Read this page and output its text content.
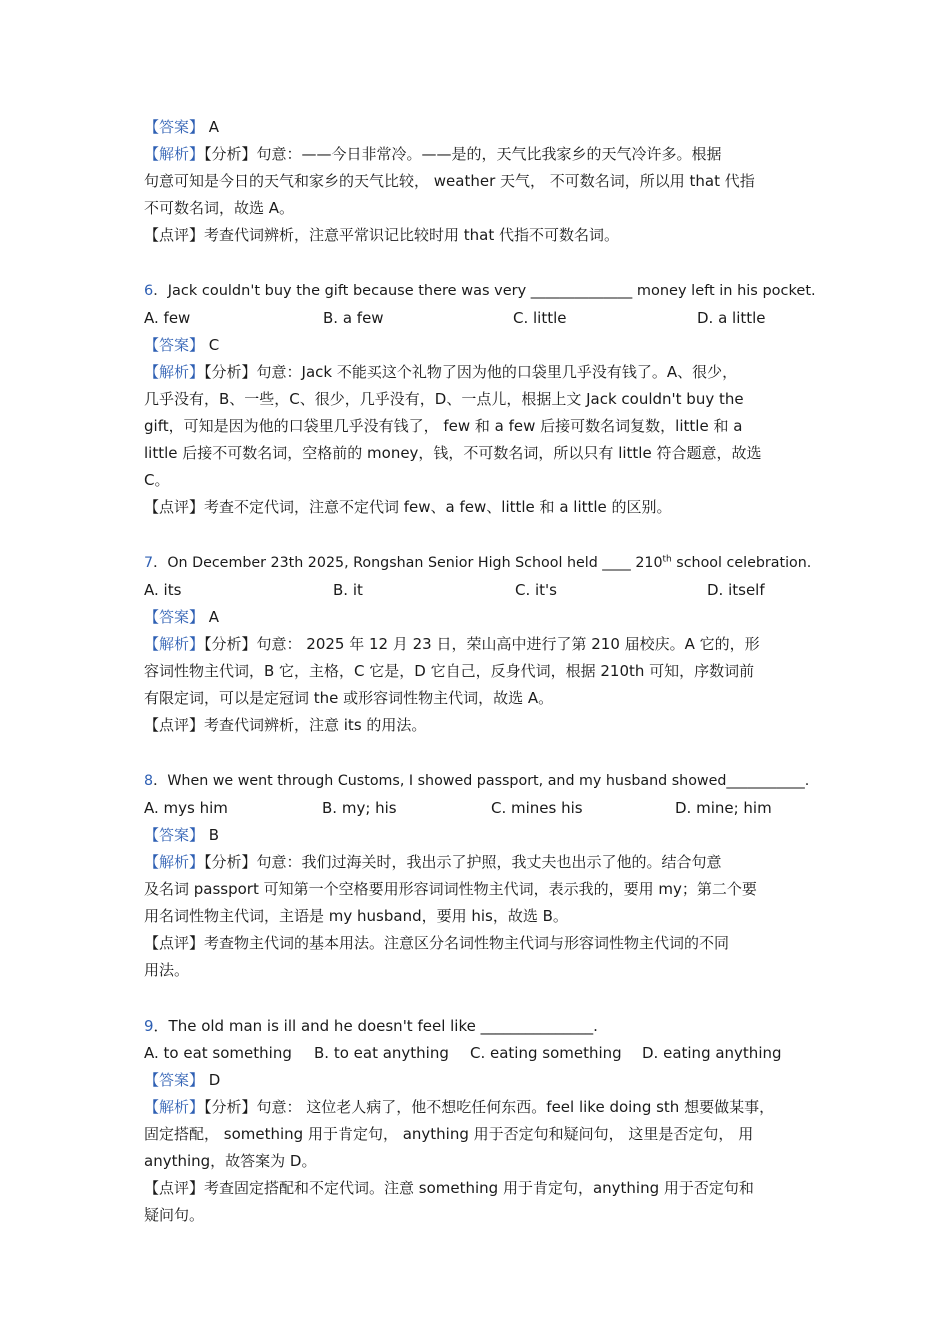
【答案】 A
【解析】【分析】句意：——今日非常冷。——是的，天气比我家乡的天气冷许多。根据
句意可知是今日的天气和家乡的天气比较， weather 天气， 不可数名词，所以用 that 代指
不可数名词，故选 A。
【点评】考查代词辨析，注意平常识记比较时用 that 代指不可数名词。
6．Jack couldn't buy the gift because there was very ______________ money left in his pocket.
A. few	B. a few	C. little	D. a little
【答案】 C
【解析】【分析】句意：Jack 不能买这个礼物了因为他的口袋里几乎没有钱了。A、很少，
几乎没有，B、一些，C、很少，几乎没有，D、一点儿，根据上文 Jack couldn't buy the
gift，可知是因为他的口袋里几乎没有钱了， few 和 a few 后接可数名词复数，little 和 a
little 后接不可数名词，空格前的 money，钱，不可数名词，所以只有 little 符合题意，故选
C。
【点评】考查不定代词，注意不定代词 few、a few、little 和 a little 的区别。
7．On December 23th 2025, Rongshan Senior High School held ____ 210th school celebration.
A. its	B. it	C. it's	D. itself
【答案】 A
【解析】【分析】句意： 2025 年 12 月 23 日，荣山高中进行了第 210 届校庆。A 它的，形
容词性物主代词，B 它，主格，C 它是，D 它自己，反身代词，根据 210th 可知，序数词前
有限定词，可以是定冠词 the 或形容词性物主代词，故选 A。
【点评】考查代词辨析，注意 its 的用法。
8．When we went through Customs, I showed passport, and my husband showed___________.
A. mys him	B. my; his	C. mines his	D. mine; him
【答案】 B
【解析】【分析】句意：我们过海关时，我出示了护照，我丈夫也出示了他的。结合句意
及名词 passport 可知第一个空格要用形容词词性物主代词，表示我的，要用 my；第二个要
用名词性物主代词，主语是 my husband，要用 his，故选 B。
【点评】考查物主代词的基本用法。注意区分名词性物主代词与形容词性物主代词的不同
用法。
9．The old man is ill and he doesn't feel like _______________.
A. to eat something B. to eat anything C. eating something D. eating anything
【答案】 D
【解析】【分析】句意： 这位老人病了，他不想吃任何东西。feel like doing sth 想要做某事，
固定搭配， something 用于肯定句， anything 用于否定句和疑问句， 这里是否定句， 用
anything，故答案为 D。
【点评】考查固定搭配和不定代词。注意 something 用于肯定句，anything 用于否定句和
疑问句。
